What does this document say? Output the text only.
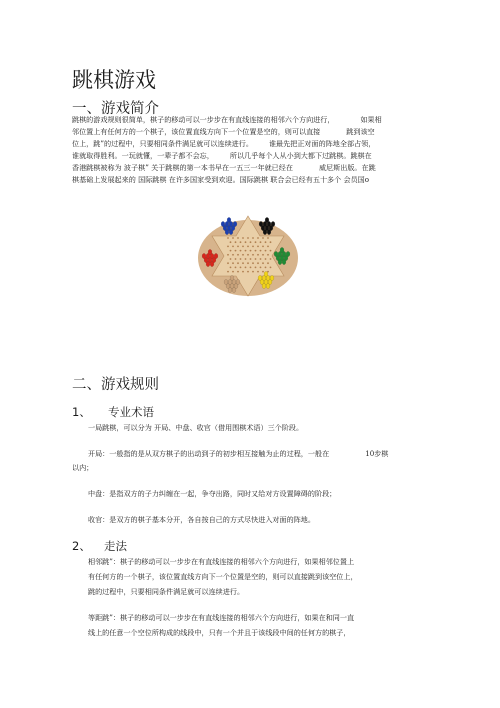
跳棋游戏
一、游戏简介
跳棋的游戏规则很简单，棋子的移动可以一步步在有直线连接的相邻六个方向进行，	如果相
邻位置上有任何方的一个棋子，该位置直线方向下一个位置是空的，则可以直接	跳到该空
位上，跳”的过程中，只要相同条件满足就可以连续进行。 谁最先把正对面的阵地全部占领，
谁就取得胜利。一玩就懂，一辈子都不会忘， 所以几乎每个人从小到大都下过跳棋。跳棋在
香港跳棋被称为 波子棋” 关于跳棋的第一本书早在一五三一年就已经在	威尼斯出版。在跳
棋基础上发展起来的 国际跳棋 在许多国家受到欢迎。国际跳棋 联合会已经有五十多个 会员国o
二、游戏规则
1、 专业术语
一局跳棋，可以分为 开局、中盘、收官（借用围棋术语）三个阶段。
开局：一般指的是从双方棋子的出动到子的初步相互接触为止的过程，一般在	10步棋
以内；
中盘：是指双方的子力纠缠在一起，争夺出路，同时又给对方设置障碍的阶段；
收官：是双方的棋子基本分开，各自按自己的方式尽快进入对面的阵地。
2、 走法
相邻跳”：棋子的移动可以一步步在有直线连接的相邻六个方向进行，如果相邻位置上
有任何方的一个棋子，该位置直线方向下一个位置是空的，则可以直接跳到该空位上，
跳的过程中，只要相同条件满足就可以连续进行。
等距跳”：棋子的移动可以一步步在有直线连接的相邻六个方向进行，如果在和同一直
线上的任意一个空位所构成的线段中，只有一个并且于该线段中间的任何方的棋子，
